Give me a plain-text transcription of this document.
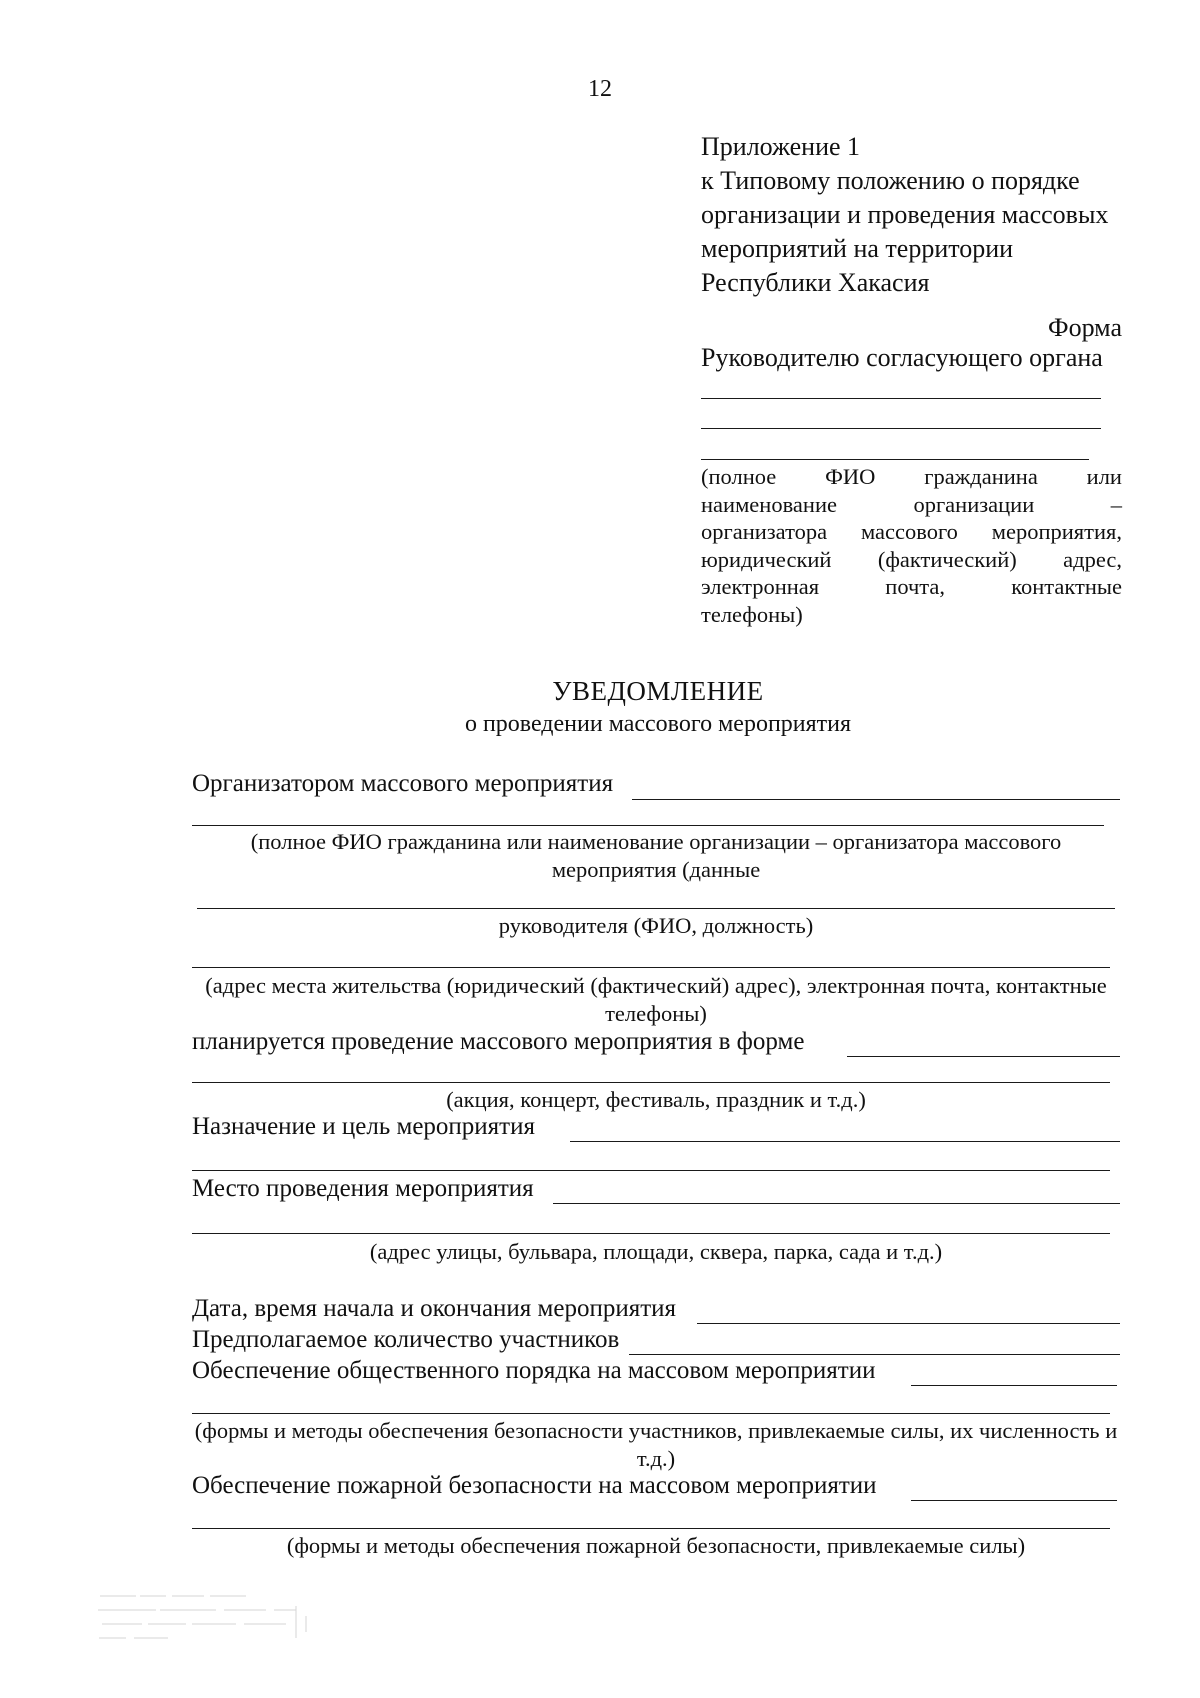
12
Приложение 1
к Типовому положению о порядке
организации и проведения массовых
мероприятий на территории
Республики Хакасия
Форма
Руководителю согласующего органа
(полное ФИО гражданина или
наименование	организации	–
организатора массового мероприятия,
юридический (фактический) адрес,
электронная	почта,	контактные
телефоны)
УВЕДОМЛЕНИЕ
о проведении массового мероприятия
Организатором массового мероприятия
(полное ФИО гражданина или наименование организации – организатора массового мероприятия (данные
руководителя (ФИО, должность)
(адрес места жительства (юридический (фактический) адрес), электронная почта, контактные телефоны)
планируется проведение массового мероприятия в форме
(акция, концерт, фестиваль, праздник и т.д.)
Назначение и цель мероприятия
Место проведения мероприятия
(адрес улицы, бульвара, площади, сквера, парка, сада и т.д.)
Дата, время начала и окончания мероприятия
Предполагаемое количество участников
Обеспечение общественного порядка на массовом мероприятии
(формы и методы обеспечения безопасности участников, привлекаемые силы, их численность и т.д.)
Обеспечение пожарной безопасности на массовом мероприятии
(формы и методы обеспечения пожарной безопасности, привлекаемые силы)
